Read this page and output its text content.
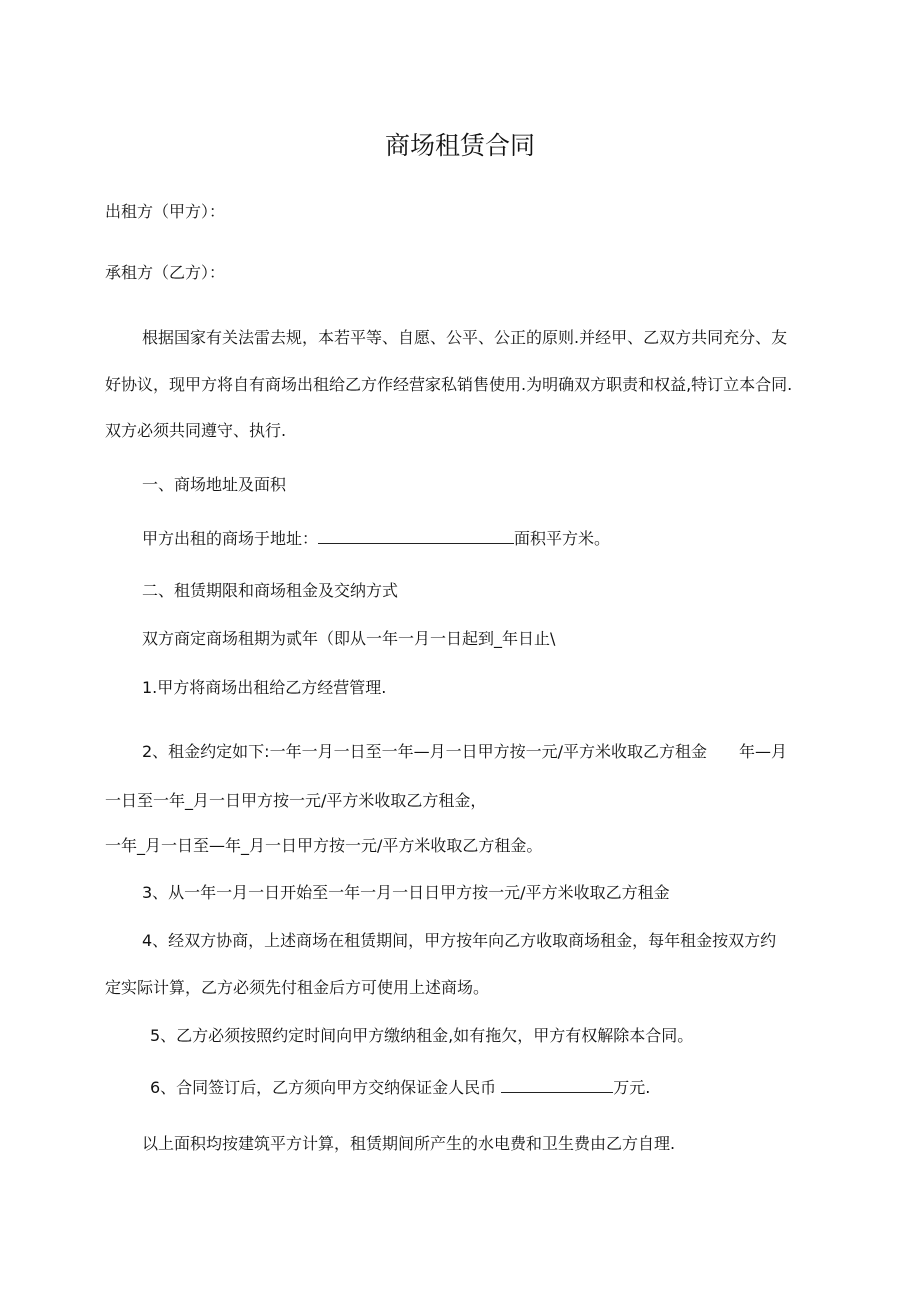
商场租赁合同
出租方（甲方）：
承租方（乙方）：
根据国家有关法雷去规，本若平等、自愿、公平、公正的原则.并经甲、乙双方共同充分、友
好协议，现甲方将自有商场出租给乙方作经营家私销售使用.为明确双方职责和权益,特订立本合同.
双方必须共同遵守、执行.
一、商场地址及面积
甲方出租的商场于地址：	面积平方米。
二、租赁期限和商场租金及交纳方式
双方商定商场租期为贰年（即从一年一月一日起到_年日止\
1.甲方将商场出租给乙方经营管理.
2、租金约定如下:一年一月一日至一年—月一日甲方按一元/平方米收取乙方租金　　年—月
一日至一年_月一日甲方按一元/平方米收取乙方租金，
一年_月一日至—年_月一日甲方按一元/平方米收取乙方租金。
3、从一年一月一日开始至一年一月一日日甲方按一元/平方米收取乙方租金
4、经双方协商，上述商场在租赁期间，甲方按年向乙方收取商场租金，每年租金按双方约
定实际计算，乙方必须先付租金后方可使用上述商场。
5、乙方必须按照约定时间向甲方缴纳租金,如有拖欠，甲方有权解除本合同。
6、合同签订后，乙方须向甲方交纳保证金人民币	万元.
以上面积均按建筑平方计算，租赁期间所产生的水电费和卫生费由乙方自理.
